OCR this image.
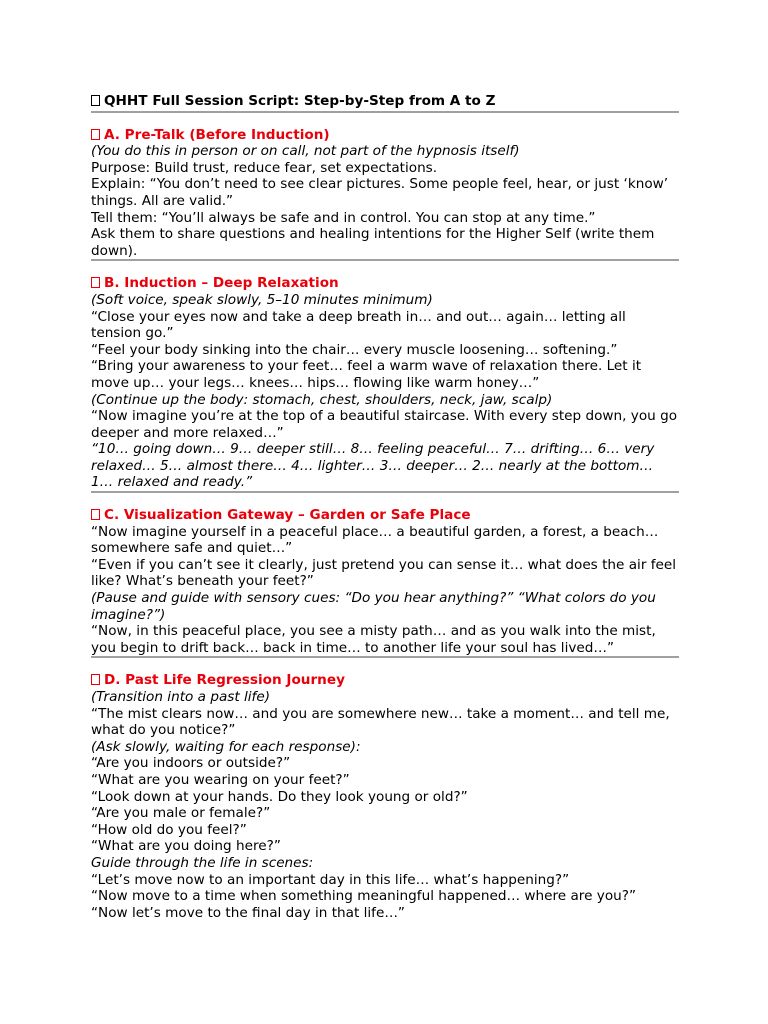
QHHT Full Session Script: Step-by-Step from A to Z
A. Pre-Talk (Before Induction)
(You do this in person or on call, not part of the hypnosis itself)
Purpose: Build trust, reduce fear, set expectations.
Explain: “You don’t need to see clear pictures. Some people feel, hear, or just ‘know’ things. All are valid.”
Tell them: “You’ll always be safe and in control. You can stop at any time.”
Ask them to share questions and healing intentions for the Higher Self (write them down).
B. Induction – Deep Relaxation
(Soft voice, speak slowly, 5–10 minutes minimum)
“Close your eyes now and take a deep breath in… and out… again… letting all tension go.”
“Feel your body sinking into the chair… every muscle loosening… softening.”
“Bring your awareness to your feet… feel a warm wave of relaxation there. Let it move up… your legs… knees… hips… flowing like warm honey…”
(Continue up the body: stomach, chest, shoulders, neck, jaw, scalp)
“Now imagine you’re at the top of a beautiful staircase. With every step down, you go deeper and more relaxed…”
“10… going down… 9… deeper still… 8… feeling peaceful… 7… drifting… 6… very relaxed… 5… almost there… 4… lighter… 3… deeper… 2… nearly at the bottom… 1… relaxed and ready.”
C. Visualization Gateway – Garden or Safe Place
“Now imagine yourself in a peaceful place… a beautiful garden, a forest, a beach… somewhere safe and quiet…”
“Even if you can’t see it clearly, just pretend you can sense it… what does the air feel like? What’s beneath your feet?”
(Pause and guide with sensory cues: “Do you hear anything?” “What colors do you imagine?”)
“Now, in this peaceful place, you see a misty path… and as you walk into the mist, you begin to drift back… back in time… to another life your soul has lived…”
D. Past Life Regression Journey
(Transition into a past life)
“The mist clears now… and you are somewhere new… take a moment… and tell me, what do you notice?”
(Ask slowly, waiting for each response):
“Are you indoors or outside?”
“What are you wearing on your feet?”
“Look down at your hands. Do they look young or old?”
“Are you male or female?”
“How old do you feel?”
“What are you doing here?”
Guide through the life in scenes:
“Let’s move now to an important day in this life… what’s happening?”
“Now move to a time when something meaningful happened… where are you?”
“Now let’s move to the final day in that life…”
